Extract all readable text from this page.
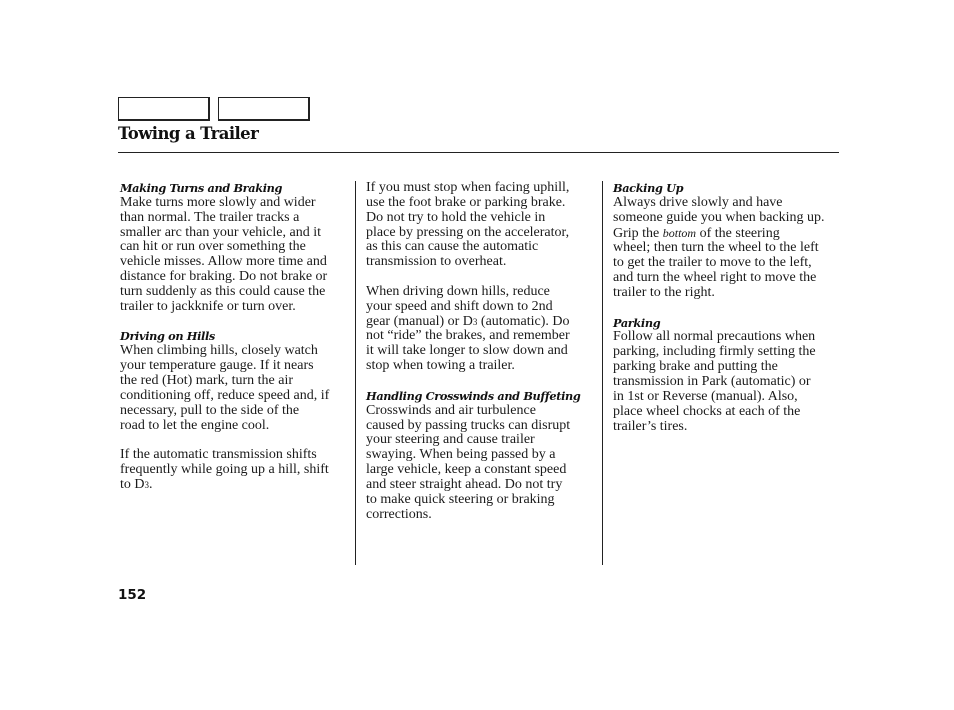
Towing a Trailer
Making Turns and Braking

Make turns more slowly and wider

than normal. The trailer tracks a

smaller arc than your vehicle, and it

can hit or run over something the

vehicle misses. Allow more time and

distance for braking. Do not brake or

turn suddenly as this could cause the

trailer to jackknife or turn over.

Driving on Hills

When climbing hills, closely watch

your temperature gauge. If it nears

the red (Hot) mark, turn the air

conditioning off, reduce speed and, if

necessary, pull to the side of the

road to let the engine cool.

If the automatic transmission shifts

frequently while going up a hill, shift

to D3.

If you must stop when facing uphill,

use the foot brake or parking brake.

Do not try to hold the vehicle in

place by pressing on the accelerator,

as this can cause the automatic

transmission to overheat.

When driving down hills, reduce

your speed and shift down to 2nd

gear (manual) or D3 (automatic). Do

not “ride” the brakes, and remember

it will take longer to slow down and

stop when towing a trailer.

Handling Crosswinds and Buffeting

Crosswinds and air turbulence

caused by passing trucks can disrupt

your steering and cause trailer

swaying. When being passed by a

large vehicle, keep a constant speed

and steer straight ahead. Do not try

to make quick steering or braking

corrections.

Backing Up

Always drive slowly and have

someone guide you when backing up.

Grip the bottom of the steering

wheel; then turn the wheel to the left

to get the trailer to move to the left,

and turn the wheel right to move the

trailer to the right.

Parking

Follow all normal precautions when

parking, including firmly setting the

parking brake and putting the

transmission in Park (automatic) or

in 1st or Reverse (manual). Also,

place wheel chocks at each of the

trailer’s tires.

152
